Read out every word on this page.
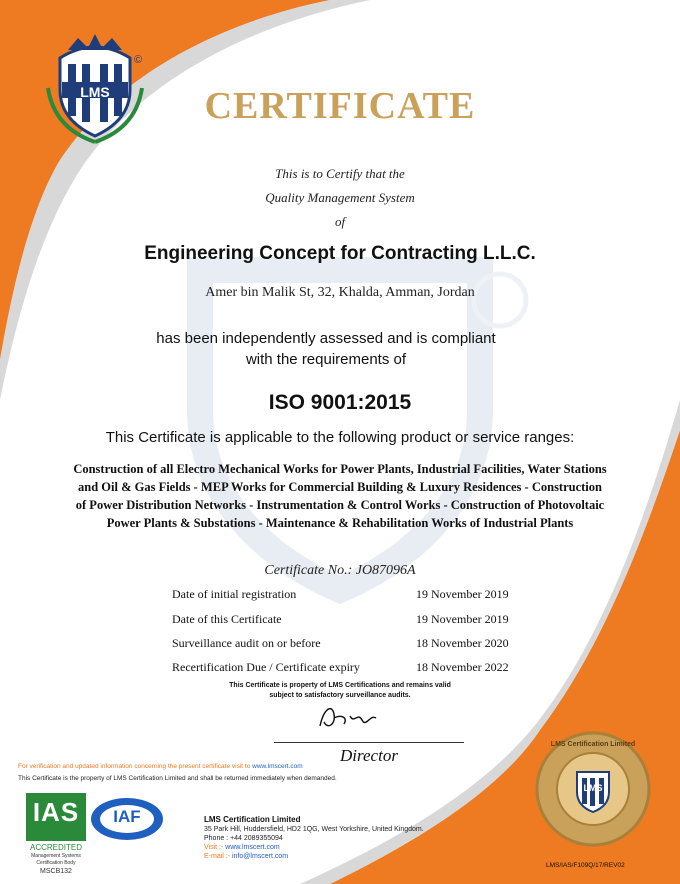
LMS
©
CERTIFICATE
This is to Certify that the
Quality Management System
of
Engineering Concept for Contracting L.L.C.
Amer bin Malik St, 32, Khalda, Amman, Jordan
has been independently assessed and is compliant
with the requirements of
ISO 9001:2015
This Certificate is applicable to the following product or service ranges:
Construction of all Electro Mechanical Works for Power Plants, Industrial Facilities, Water Stations
and Oil & Gas Fields - MEP Works for Commercial Building & Luxury Residences - Construction
of Power Distribution Networks - Instrumentation & Control Works - Construction of Photovoltaic
Power Plants & Substations - Maintenance & Rehabilitation Works of Industrial Plants
Certificate No.: JO87096A
Date of initial registration	19 November 2019
Date of this Certificate	19 November 2019
Surveillance audit on or before	18 November 2020
Recertification Due / Certificate expiry	18 November 2022
This Certificate is property of LMS Certifications and remains valid
subject to satisfactory surveillance audits.
Director
For verification and updated information concerning the present certificate visit to www.lmscert.com
This Certificate is the property of LMS Certification Limited and shall be returned immediately when demanded.
IAS
ACCREDITED
Management Systems
Certification Body
MSCB132
IAF	LMS Certification Limited
35 Park Hill, Huddersfield, HD2 1QG, West Yorkshire, United Kingdom.
Phone : +44 2089355094
Visit :- www.lmscert.com
E-mail :- info@lmscert.com
LMS Certification Limited
LMS
LMS/IAS/F109Q/17/REV02
